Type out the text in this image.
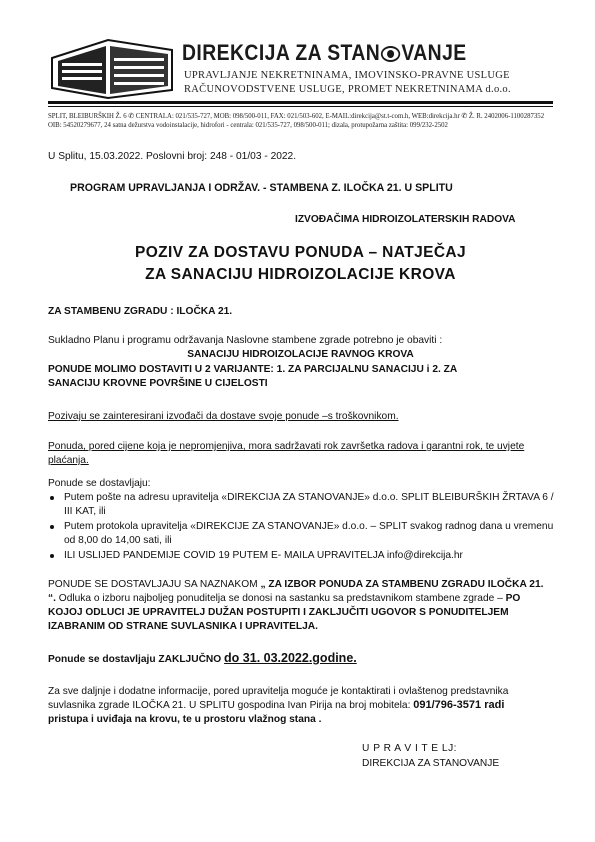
DIREKCIJA ZA STAN VANJE
UPRAVLJANJE NEKRETNINAMA, IMOVINSKO-PRAVNE USLUGE
RAČUNOVODSTVENE USLUGE, PROMET NEKRETNINAMA d.o.o.
SPLIT, BLEIBURŠKIH Ž. 6 ✆ CENTRALA: 021/535-727, MOB: 098/500-011, FAX: 021/503-602, E-MAIL:direkcija@st.t-com.h, WEB:direkcija.hr ✆ Ž. R. 2402006-1100287352
OIB: 54520279677, 24 satna dežurstva vodoinstalacije, hidrofori - centrala: 021/535-727, 098/500-011; dizala, protupožarna zaštita: 099/232-2502
U Splitu, 15.03.2022. Poslovni broj: 248 - 01/03 - 2022.
PROGRAM UPRAVLJANJA I ODRŽAV. - STAMBENA Z. ILOČKA 21. U SPLITU
IZVOĐAČIMA HIDROIZOLATERSKIH RADOVA
POZIV ZA DOSTAVU PONUDA – NATJEČAJ
ZA SANACIJU HIDROIZOLACIJE KROVA
ZA STAMBENU ZGRADU : ILOČKA 21.
Sukladno Planu i programu održavanja Naslovne stambene zgrade potrebno je obaviti :
SANACIJU HIDROIZOLACIJE RAVNOG KROVA
PONUDE MOLIMO DOSTAVITI U 2 VARIJANTE: 1. ZA PARCIJALNU SANACIJU i 2. ZA
SANACIJU KROVNE POVRŠINE U CIJELOSTI
Pozivaju se zainteresirani izvođači da dostave svoje ponude –s troškovnikom.
Ponuda, pored cijene koja je nepromjenjiva, mora sadržavati rok završetka radova i garantni rok, te uvjete
plaćanja.
Ponude se dostavljaju:
Putem pošte na adresu upravitelja «DIREKCIJA ZA STANOVANJE» d.o.o. SPLIT BLEIBURŠKIH ŽRTAVA 6 /
III KAT, ili
Putem protokola upravitelja «DIREKCIJE ZA STANOVANJE» d.o.o. – SPLIT svakog radnog dana u vremenu
od 8,00 do 14,00 sati, ili
ILI USLIJED PANDEMIJE COVID 19 PUTEM E- MAILA UPRAVITELJA info@direkcija.hr
PONUDE SE DOSTAVLJAJU SA NAZNAKOM „ ZA IZBOR PONUDA ZA STAMBENU ZGRADU ILOČKA 21.
“. Odluka o izboru najboljeg ponuditelja se donosi na sastanku sa predstavnikom stambene zgrade – PO
KOJOJ ODLUCI JE UPRAVITELJ DUŽAN POSTUPITI I ZAKLJUČITI UGOVOR S PONUDITELJEM
IZABRANIM OD STRANE SUVLASNIKA I UPRAVITELJA.
Ponude se dostavljaju ZAKLJUČNO do 31. 03.2022.godine.
Za sve daljnje i dodatne informacije, pored upravitelja moguće je kontaktirati i ovlaštenog predstavnika
suvlasnika zgrade ILOČKA 21. U SPLITU gospodina Ivan Pirija na broj mobitela: 091/796-3571 radi
pristupa i uviđaja na krovu, te u prostoru vlažnog stana .
U P R A V I T E LJ:
DIREKCIJA ZA STANOVANJE
